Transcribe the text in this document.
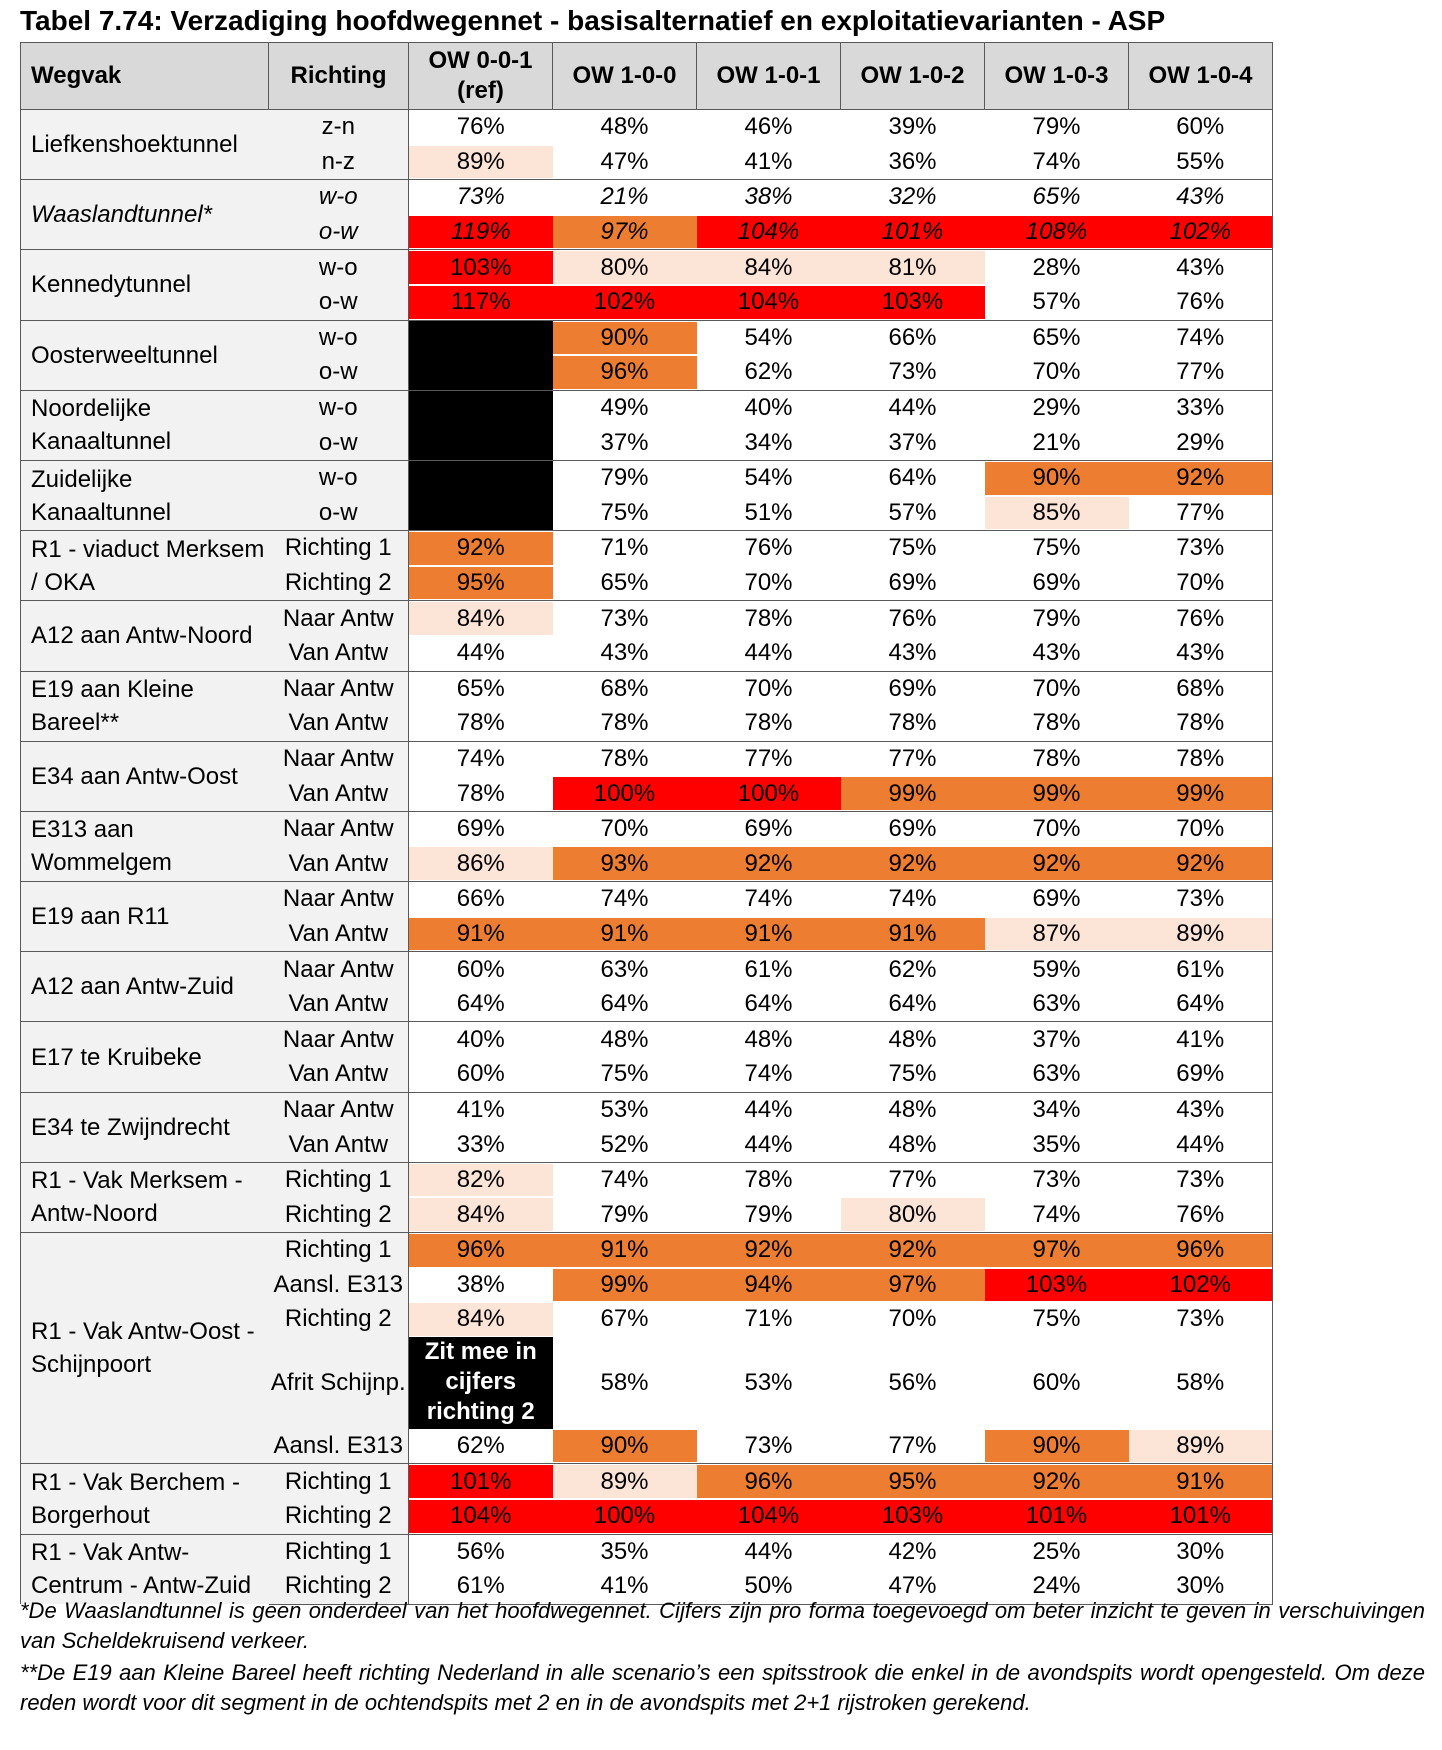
Tabel 7.74: Verzadiging hoofdwegennet - basisalternatief en exploitatievarianten - ASP
Wegvak	Richting	OW 0-0-1 (ref)	OW 1-0-0	OW 1-0-1	OW 1-0-2	OW 1-0-3	OW 1-0-4
Liefkenshoektunnel	z-n	76%	48%	46%	39%	79%	60%
	n-z	89%	47%	41%	36%	74%	55%
Waaslandtunnel*	w-o	73%	21%	38%	32%	65%	43%
	o-w	119%	97%	104%	101%	108%	102%
Kennedytunnel	w-o	103%	80%	84%	81%	28%	43%
	o-w	117%	102%	104%	103%	57%	76%
Oosterweeltunnel	w-o		90%	54%	66%	65%	74%
	o-w		96%	62%	73%	70%	77%
Noordelijke Kanaaltunnel	w-o		49%	40%	44%	29%	33%
	o-w		37%	34%	37%	21%	29%
Zuidelijke Kanaaltunnel	w-o		79%	54%	64%	90%	92%
	o-w		75%	51%	57%	85%	77%
R1 - viaduct Merksem / OKA	Richting 1	92%	71%	76%	75%	75%	73%
	Richting 2	95%	65%	70%	69%	69%	70%
A12 aan Antw-Noord	Naar Antw	84%	73%	78%	76%	79%	76%
	Van Antw	44%	43%	44%	43%	43%	43%
E19 aan Kleine Bareel**	Naar Antw	65%	68%	70%	69%	70%	68%
	Van Antw	78%	78%	78%	78%	78%	78%
E34 aan Antw-Oost	Naar Antw	74%	78%	77%	77%	78%	78%
	Van Antw	78%	100%	100%	99%	99%	99%
E313 aan Wommelgem	Naar Antw	69%	70%	69%	69%	70%	70%
	Van Antw	86%	93%	92%	92%	92%	92%
E19 aan R11	Naar Antw	66%	74%	74%	74%	69%	73%
	Van Antw	91%	91%	91%	91%	87%	89%
A12 aan Antw-Zuid	Naar Antw	60%	63%	61%	62%	59%	61%
	Van Antw	64%	64%	64%	64%	63%	64%
E17 te Kruibeke	Naar Antw	40%	48%	48%	48%	37%	41%
	Van Antw	60%	75%	74%	75%	63%	69%
E34 te Zwijndrecht	Naar Antw	41%	53%	44%	48%	34%	43%
	Van Antw	33%	52%	44%	48%	35%	44%
R1 - Vak Merksem - Antw-Noord	Richting 1	82%	74%	78%	77%	73%	73%
	Richting 2	84%	79%	79%	80%	74%	76%
R1 - Vak Antw-Oost - Schijnpoort	Richting 1	96%	91%	92%	92%	97%	96%
	Aansl. E313	38%	99%	94%	97%	103%	102%
	Richting 2	84%	67%	71%	70%	75%	73%
	Afrit Schijnp.	Zit mee in cijfers richting 2	58%	53%	56%	60%	58%
	Aansl. E313	62%	90%	73%	77%	90%	89%
R1 - Vak Berchem - Borgerhout	Richting 1	101%	89%	96%	95%	92%	91%
	Richting 2	104%	100%	104%	103%	101%	101%
R1 - Vak Antw-Centrum - Antw-Zuid	Richting 1	56%	35%	44%	42%	25%	30%
	Richting 2	61%	41%	50%	47%	24%	30%
*De Waaslandtunnel is geen onderdeel van het hoofdwegennet. Cijfers zijn pro forma toegevoegd om beter inzicht te geven in verschuivingen van Scheldekruisend verkeer.
**De E19 aan Kleine Bareel heeft richting Nederland in alle scenario’s een spitsstrook die enkel in de avondspits wordt opengesteld. Om deze reden wordt voor dit segment in de ochtendspits met 2 en in de avondspits met 2+1 rijstroken gerekend.
